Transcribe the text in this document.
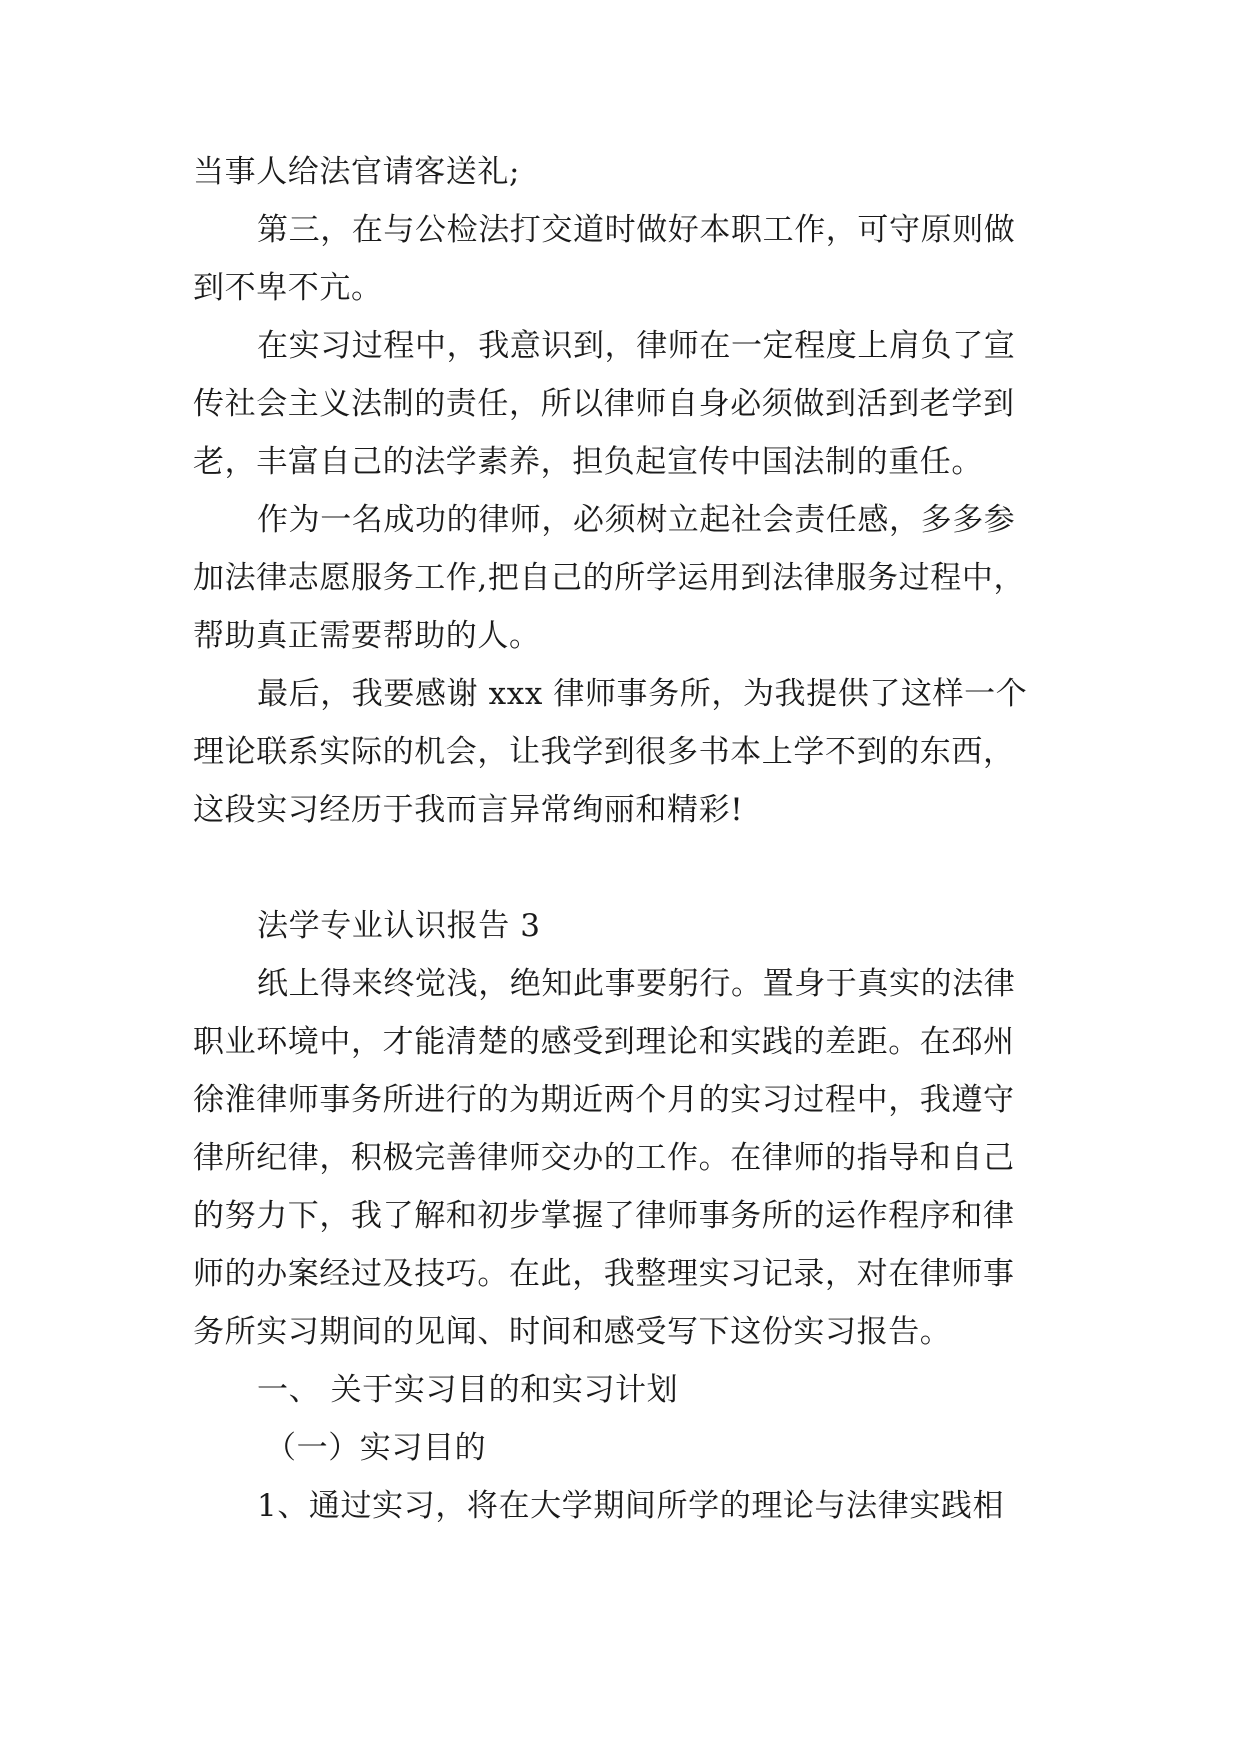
当事人给法官请客送礼;
第三，在与公检法打交道时做好本职工作，可守原则做
到不卑不亢。
在实习过程中，我意识到，律师在一定程度上肩负了宣
传社会主义法制的责任，所以律师自身必须做到活到老学到
老，丰富自己的法学素养，担负起宣传中国法制的重任。
作为一名成功的律师，必须树立起社会责任感，多多参
加法律志愿服务工作,把自己的所学运用到法律服务过程中，
帮助真正需要帮助的人。
最后，我要感谢 xxx 律师事务所，为我提供了这样一个
理论联系实际的机会，让我学到很多书本上学不到的东西，
这段实习经历于我而言异常绚丽和精彩!
法学专业认识报告 3
纸上得来终觉浅，绝知此事要躬行。置身于真实的法律
职业环境中，才能清楚的感受到理论和实践的差距。在邳州
徐淮律师事务所进行的为期近两个月的实习过程中，我遵守
律所纪律，积极完善律师交办的工作。在律师的指导和自己
的努力下，我了解和初步掌握了律师事务所的运作程序和律
师的办案经过及技巧。在此，我整理实习记录，对在律师事
务所实习期间的见闻、时间和感受写下这份实习报告。
一、 关于实习目的和实习计划
（一）实习目的
1、通过实习，将在大学期间所学的理论与法律实践相
